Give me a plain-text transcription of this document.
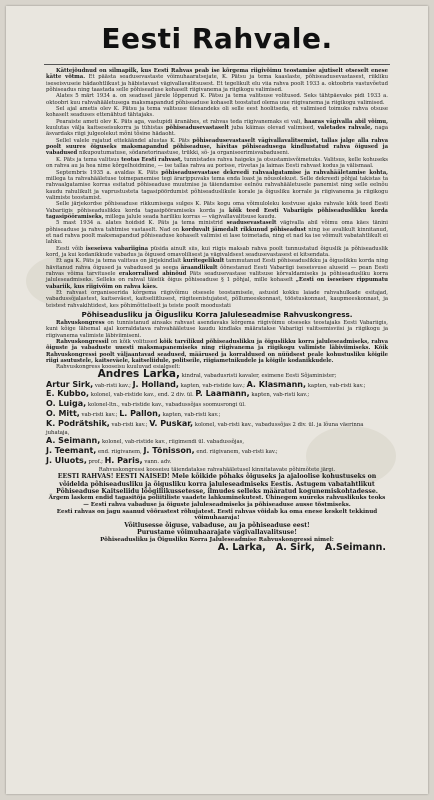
Eesti Rahvale.

Kättejõudnud on silmapilk, kus Eesti Rahvas peab ise kõrgema riigivõimu teostamise ajutiselt otseselt enese kätte võtma. Et päästa seadusevastaste võimuhaaratsejate, K. Pätsu ja tema kaaslaste, põhiseadusevastasest, riikliku iseseisvuseie hädaohtlikust ja häbistavast vägivallavalitsusest. Et tegelikult elu viia rahva poolt 1933 a. oktoobris vastuvõetud põhiseadus ning taastada selle põhiseaduse kohaselt riigivanema ja riigikogu valimised.

Alates 5 märt 1934 a. on seadusel järele lõppenud K. Pätsu ja tema valitsuse volitused. Seks tähtpäevaks pidi 1933 a. oktoobri kuu rahvahääletusega maksmapandud põhiseaduse kohaselt teostatud olema uue riigivanema ja riigikogu valimised.

Sel ajal ametis olev K. Pätsu ja tema valitsuse ülesandeks oli selle eest hoolitseda, et valimised toimuks rahva otsuse kohaselt seaduses ettenähtud tähtajaks.

Pearaiste ameti olev K. Päts aga, vastupidi äranähes, et rahvas teda riigivanemaks ei vali, haaras vägivalla abil võimu, kuulutas välja kaitseseisukorra ja tühistas põhiseadusevastaselt juba käimas olevad valimised, valetades rahvale, naga äsvardaks riigi julgeolekut mõni tõsine hädaoht.

Sellel valele rajatud ettekäändel alustas K. Päts põhiseadusevastaselt vägivallavalitsemist, tallas jalge alla rahva poolt suures õiguseks maksmapandud põhiseaduse, hävitas põhiseadusega kindlustatud rahva õigused ja vabadused nikupoutumatuse, sõdanetorinastuse, trükki, sõ- ja organiseerimisvabaduseni.

K. Päts ja tema valitsus teotas Eesti rahvast, tunnistades rahva haigeks ja otsustamisvõimetuks. Valitsus, kelle kohuseks on rahva au ja hea nime kõrgelhoidmine, — ise tallas rahva au porisse, rüvetas ja laimas Eesti rahvast kodus ja välismaal.

Septembris 1935 a. avaldas K. Päts põhiseadusevastase dekreedi rahvaalgatamise ja rahvahääletamise kohta, millega ta rahvahääletuse toimepanemise tegi ärarippuvaks tema enda loast ja nõusolekust. Selle dekreedi põhjal takistas ta rahvaalgatamise korras esitatud põhiseaduse muutmise ja täiendamise eelnõu rahvahääletusele panemist ning selle eelnõu kaudu rahulikult ja vaprustusteta tagasipöördumist põhiseaduslikule korale ja õigusliku korrale ja riigivanema ja riigikogu valimiste teostamist.

Selle järjekordse põhiseaduse rikkumisega sulges K. Päts kogu oma võimuloleku kestvuse ajaks rahvale kõik teed Eesti Vabariigis põhiseaduslikku korda tagasipööramiseks korda ja kõik teed Eesti Vabariigis põhiseaduslikku korda tagasipööramiseks, millega jalule seada hariliku korras — vägivallavalitsuse kaudu.

5 mast 1934 a. alates hoidsid K. Päts ja tema ministrid seadusevastaselt vägivalla abil võimu oma käes tänini põhiseaduse ja rahva tahtmise vastaselt. Nad on korduvalt jämedalt rikkunud põhiseadust ning ise avalikult kinnitanud, et nad rahva poolt maksmapandud põhiseaduse kohaselt valimisi ei lase toimetada, ning et nad ka ise võimult vabatahtlikult ei lahku.

Eesti võib iseseisva vabariigina püsida ainult siis, kui riigis maksab rahva poolt tunnustatud õiguslik ja põhiseaduslik kord, ja kui kodanikkude vabadus ja õigused omavolilisest ja vägivaldsest seadusevastasest ei kitsendata.

Et aga K. Päts ja tema valitsus on järjekindlalt kuritegelikult tammutanud Eesti põhiseaduslikku ja õiguslikku korda ning hävitanud rahva õigused ja vabadused ja seega äraandlikult õõnestanud Eesti Vabariigi iseseisvuse aluseid — pean Eesti rahvas võima tarvitusele erakorralised abinõud Päts seadusevastase valitsuse kõrvaldamiseks ja põhiseadusliku korra jaluleseadmiseks. Selleks on rahval täielik õigus põhiseaduse § 1 põhjal, mille kohaselt „Eesti on iseseisev rippumatu vabariik, kus riigivõim on rahva käes.

Et rahvast organiseerida kõrgema riigivõimu otsesele teostamisele, astusid kokku laiade rahvahulkade esitajad, vabadussõjalastest, kaitseväest, kaitseliitlusest, riigiteenistujatest, põllumeeskonnast, tööstuskonnast, kaupmeeskonnast, ja teistest rahvakihtidest, kes põhimõtteliselt ja teiste poolt moodustati

Põhiseadusliku ja Õigusliku Korra Jaluleseadmise Rahvuskongress.

Rahvuskongress on tunnistanud ainsaks rahvast asendavaks kõrgema riigivõimu otseseks teostajaks Eesti Vabariigis, kuni kõige lähemal ajal korraldatava rahvahääletuse kaudu kindlaks määratakse Vabariigi valitsemisviisi ja riigikogu ja riigivanema valimiste läbiviimiseni.

Rahvuskongressil on kõik volitused kõik tarvilikud põhiseaduslikku ja õiguslikku korra jaluleseadmiseks, rahva õiguste ja vabaduste uuesti maksmapanemiseks ning riigivanema ja riigikogu valimiste läbiviimiseks. Kõik Rahvuskongressi poolt väljaantavad seadused, määrused ja korraldused on nüüdsest peale kohustusliku kõigile riigi asutustele, kaitseväele, kaitseliidule, politseile, riigiametnikudele ja kõigile kodanikkudele.

Rahvuskongress kooseisu kuuluvad esialgselt:

Andres Larka, kindral, vabadusristi kavaler, esimene Eesti Sõjaminister;
Artur Sirk, vab-risti kav.; J. Holland, kapten, vab-ristide kav.; A. Klasmann, kapten, vab-risti kav.;
E. Kubbo, kolonel, vab-ristide kav., end. 2 div. ül. P. Laamann, kapten, vab-risti kav.;
O. Luiga, kolonel-ltn., vab-ristide kav., vabadussõjas soomusrongi ül.
O. Mitt, vab-risti kav.; L. Pallon, kapten, vab-risti kav.;
K. Podrätshik, vab-risti kav.; V. Puskar, kolonel, vab-risti kav., vabadussõjas 2 div. ül. ja lõuna väerinna juhataja,
A. Seimann, kolonel, vab-ristide kav., riigimendi ül. vabadussõjas,
J. Teemant, end. riigivanem, J. Tõnisson, end. riigivanem, vab-risti kav.;
J. Uluots, prof.; H. Paris, vann. adv.

Rahvuskongressi kooseisu täiendatakse rahvahääletusel kinnitatavate põhimõtete järgi.

EESTI RAHVAS! EESTI NAISED! Mele kõikide põhaks õiguseks ja ajaloolise kohustuseks on võidelda põhiseadusliku ja õigusliku korra jaluleseadmiseks Eestis. Astugem vabatahtlikut Põhiseaduse Kaitseliidu lõõgiliikussetesse, ilmudes selleks määratud kogunemiskohtadesse.
Ärgem laskem endid tagasitõja poliitiliste vaadete lahkuminekutest. Ühinegem suureks rahvuslikuks teoks — Eesti rahva vabaduse ja õiguste jaluleseadmiseks ja põhiseaduse ausse tõstmiseks.
Eesti rahvas on jagu saanud võõrastest rõhujatest. Eesti rahvas võidab ka oma enese keskelt tekkinud võimuhaaraja!
Võitlusesse õiguse, vabaduse, au ja põhiseaduse eest!
Purustame võimuhaarajate vägivallavalitsuse!
Põhiseadusliku ja Õigusliku Korra Jaluleseadmise Rahvuskongressi nimel:
A. Larka, A. Sirk, A.Seimann.
